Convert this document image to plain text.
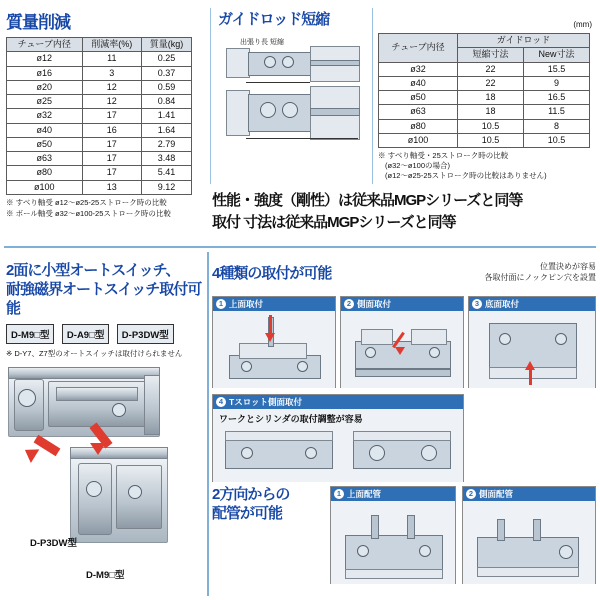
質量削減
チューブ内径	削減率(%)	質量(kg)
ø12	11	0.25
ø16	3	0.37
ø20	12	0.59
ø25	12	0.84
ø32	17	1.41
ø40	16	1.64
ø50	17	2.79
ø63	17	3.48
ø80	17	5.41
ø100	13	9.12
※ すべり軸受 ø12～ø25-25ストローク時の比較
※ ボール軸受 ø32～ø100-25ストローク時の比較
ガイドロッド短縮
出張り長 短縮
(mm)
チューブ内径	ガイドロッド	
	短縮寸法	New寸法
ø32	22	15.5
ø40	22	9
ø50	18	16.5
ø63	18	11.5
ø80	10.5	8
ø100	10.5	10.5
※ すべり軸受・25ストローク時の比較
(ø32～ø100の場合)
(ø12～ø25-25ストローク時の比較はありません)
性能・強度（剛性）は従来品MGPシリーズと同等
取付 寸法は従来品MGPシリーズと同等
2面に小型オートスイッチ、
耐強磁界オートスイッチ取付可能
D-M9□型 D-A9□型 D-P3DW型
※ D-Y7、Z7型のオートスイッチは取付けられません
D-P3DW型
D-M9□型
4種類の取付が可能	位置決めが容易
各取付面にノックピン穴を設置
1 上面取付	2 側面取付	3 底面取付
4 Tスロット側面取付
ワークとシリンダの取付調整が容易
2方向からの
配管が可能
1 上面配管	2 側面配管
